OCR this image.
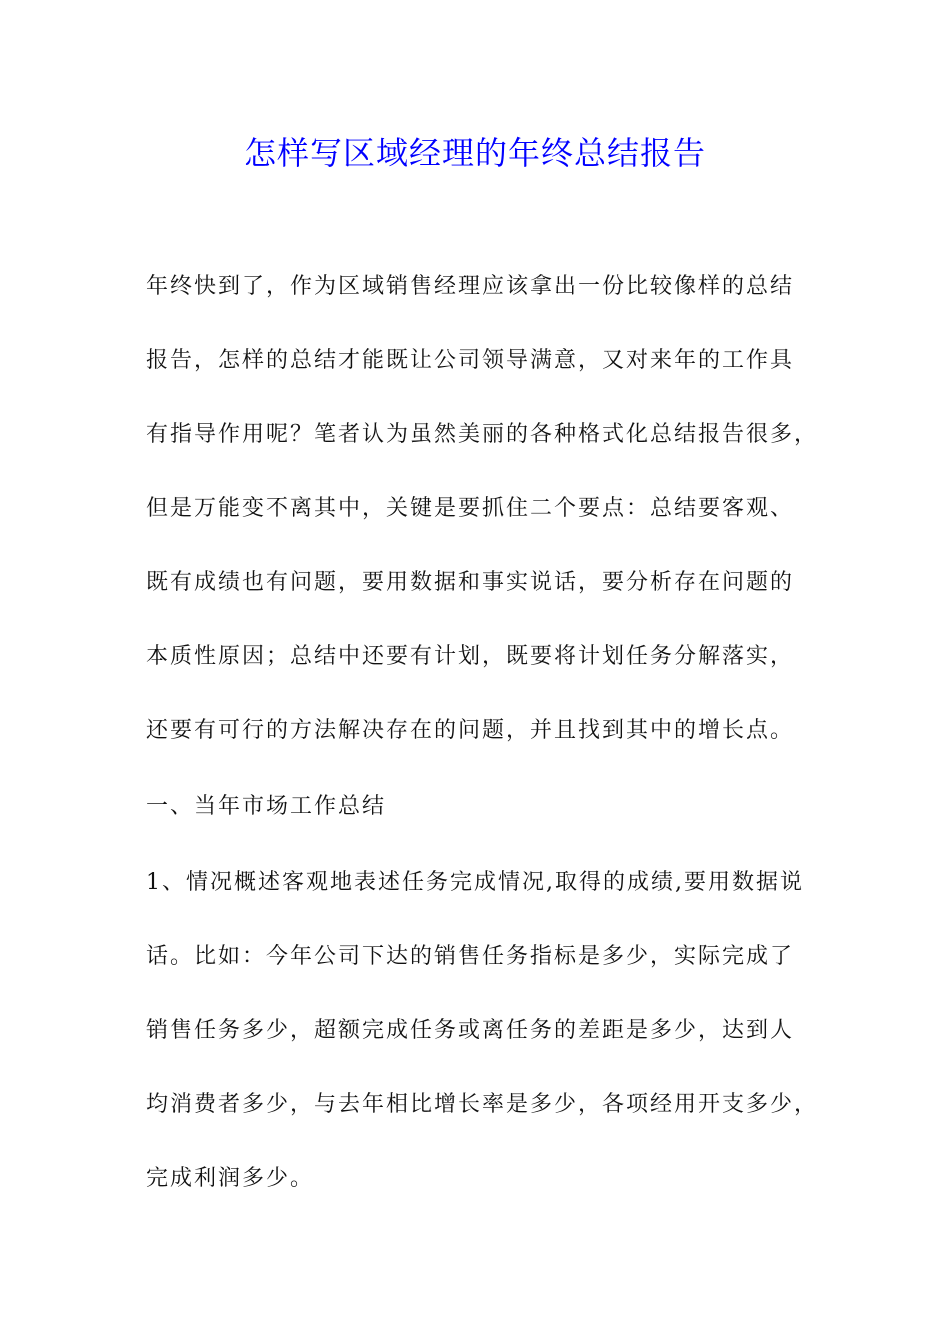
怎样写区域经理的年终总结报告
年终快到了，作为区域销售经理应该拿出一份比较像样的总结
报告，怎样的总结才能既让公司领导满意，又对来年的工作具
有指导作用呢？笔者认为虽然美丽的各种格式化总结报告很多，
但是万能变不离其中，关键是要抓住二个要点：总结要客观、
既有成绩也有问题，要用数据和事实说话，要分析存在问题的
本质性原因；总结中还要有计划，既要将计划任务分解落实，
还要有可行的方法解决存在的问题，并且找到其中的增长点。
一、当年市场工作总结
1、情况概述客观地表述任务完成情况,取得的成绩,要用数据说
话。比如：今年公司下达的销售任务指标是多少，实际完成了
销售任务多少，超额完成任务或离任务的差距是多少，达到人
均消费者多少，与去年相比增长率是多少，各项经用开支多少，
完成利润多少。
